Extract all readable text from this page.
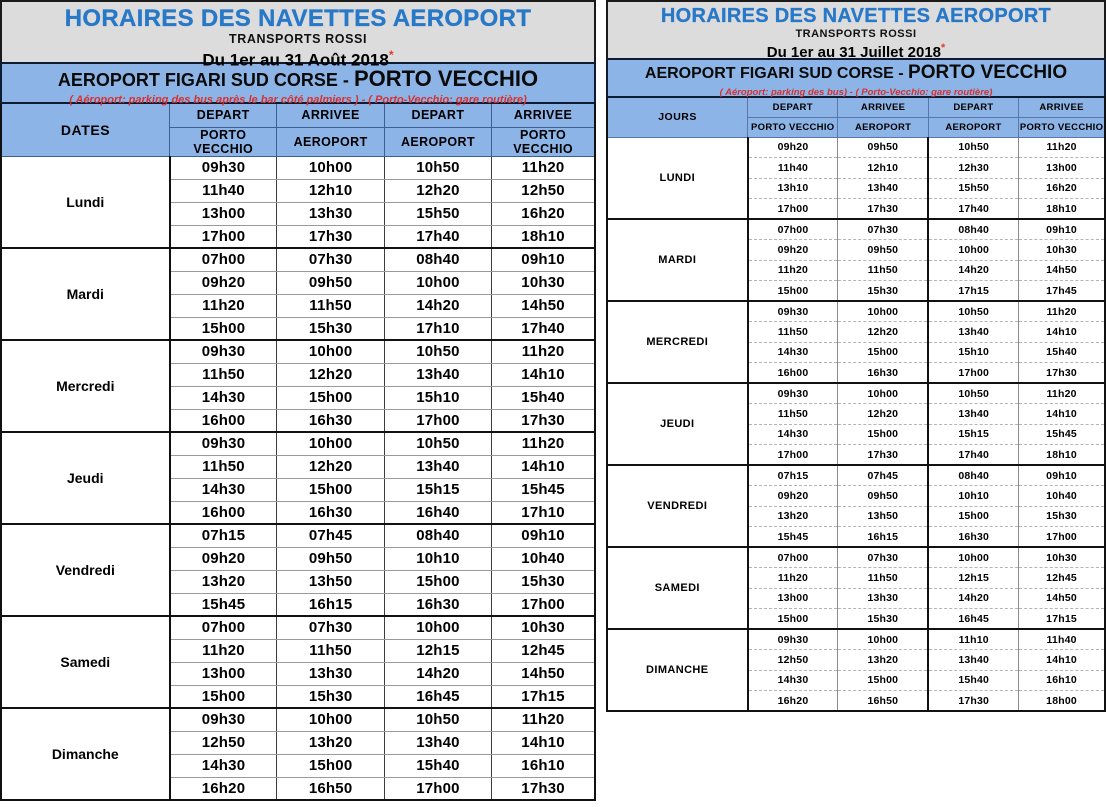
HORAIRES DES NAVETTES AEROPORT
TRANSPORTS ROSSI
Du 1er au 31 Août 2018*
AEROPORT FIGARI SUD CORSE - PORTO VECCHIO
( Aéroport: parking des bus après le bar côté palmiers ) - ( Porto-Vecchio: gare routière)
DATES	DEPART	ARRIVEE	DEPART	ARRIVEE
	PORTO VECCHIO	AEROPORT	AEROPORT	PORTO VECCHIO
Lundi	09h30	10h00	10h50	11h20
	11h40	12h10	12h20	12h50
	13h00	13h30	15h50	16h20
	17h00	17h30	17h40	18h10
Mardi	07h00	07h30	08h40	09h10
	09h20	09h50	10h00	10h30
	11h20	11h50	14h20	14h50
	15h00	15h30	17h10	17h40
Mercredi	09h30	10h00	10h50	11h20
	11h50	12h20	13h40	14h10
	14h30	15h00	15h10	15h40
	16h00	16h30	17h00	17h30
Jeudi	09h30	10h00	10h50	11h20
	11h50	12h20	13h40	14h10
	14h30	15h00	15h15	15h45
	16h00	16h30	16h40	17h10
Vendredi	07h15	07h45	08h40	09h10
	09h20	09h50	10h10	10h40
	13h20	13h50	15h00	15h30
	15h45	16h15	16h30	17h00
Samedi	07h00	07h30	10h00	10h30
	11h20	11h50	12h15	12h45
	13h00	13h30	14h20	14h50
	15h00	15h30	16h45	17h15
Dimanche	09h30	10h00	10h50	11h20
	12h50	13h20	13h40	14h10
	14h30	15h00	15h40	16h10
	16h20	16h50	17h00	17h30
HORAIRES DES NAVETTES AEROPORT
TRANSPORTS ROSSI
Du 1er au 31 Juillet 2018*
AEROPORT FIGARI SUD CORSE - PORTO VECCHIO
( Aéroport: parking des bus) - ( Porto-Vecchio: gare routière)
JOURS	DEPART	ARRIVEE	DEPART	ARRIVEE
	PORTO VECCHIO	AEROPORT	AEROPORT	PORTO VECCHIO
LUNDI	09h20	09h50	10h50	11h20
	11h40	12h10	12h30	13h00
	13h10	13h40	15h50	16h20
	17h00	17h30	17h40	18h10
MARDI	07h00	07h30	08h40	09h10
	09h20	09h50	10h00	10h30
	11h20	11h50	14h20	14h50
	15h00	15h30	17h15	17h45
MERCREDI	09h30	10h00	10h50	11h20
	11h50	12h20	13h40	14h10
	14h30	15h00	15h10	15h40
	16h00	16h30	17h00	17h30
JEUDI	09h30	10h00	10h50	11h20
	11h50	12h20	13h40	14h10
	14h30	15h00	15h15	15h45
	17h00	17h30	17h40	18h10
VENDREDI	07h15	07h45	08h40	09h10
	09h20	09h50	10h10	10h40
	13h20	13h50	15h00	15h30
	15h45	16h15	16h30	17h00
SAMEDI	07h00	07h30	10h00	10h30
	11h20	11h50	12h15	12h45
	13h00	13h30	14h20	14h50
	15h00	15h30	16h45	17h15
DIMANCHE	09h30	10h00	11h10	11h40
	12h50	13h20	13h40	14h10
	14h30	15h00	15h40	16h10
	16h20	16h50	17h30	18h00
